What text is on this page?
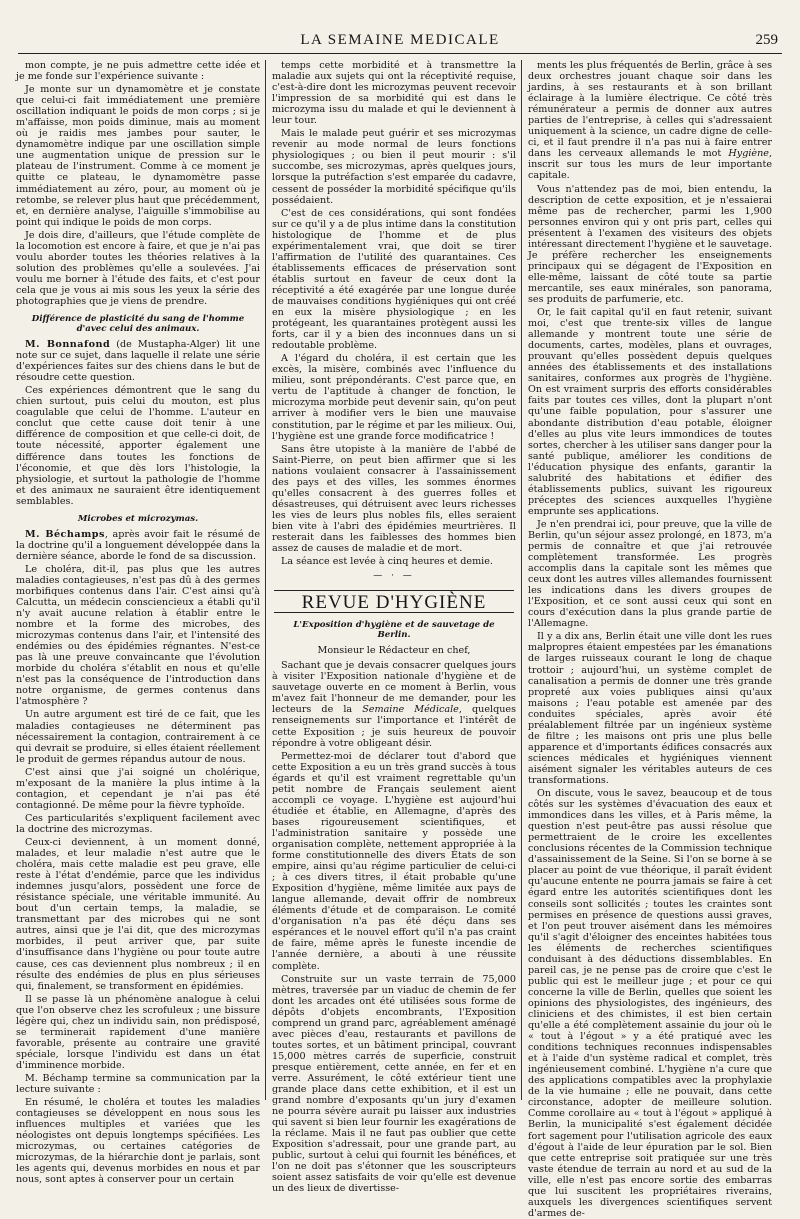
LA SEMAINE MEDICALE	259

mon compte, je ne puis admettre cette idée et je me fonde sur l'expérience suivante :

Je monte sur un dynamomètre et je constate que celui-ci fait immédiatement une première oscillation indiquant le poids de mon corps ; si je m'affaisse, mon poids diminue, mais au moment où je raidis mes jambes pour sauter, le dynamomètre indique par une oscillation simple une augmentation unique de pression sur le plateau de l'instrument. Comme à ce moment je quitte ce plateau, le dynamomètre passe immédiatement au zéro, pour, au moment où je retombe, se relever plus haut que précédemment, et, en dernière analyse, l'aiguille s'immobilise au point qui indique le poids de mon corps.

Je dois dire, d'ailleurs, que l'étude complète de la locomotion est encore à faire, et que je n'ai pas voulu aborder toutes les théories relatives à la solution des problèmes qu'elle a soulevées. J'ai voulu me borner à l'étude des faits, et c'est pour cela que je vous ai mis sous les yeux la série des photographies que je viens de prendre.

Différence de plasticité du sang de l'homme d'avec celui des animaux.

M. Bonnafond (de Mustapha-Alger) lit une note sur ce sujet, dans laquelle il relate une série d'expériences faites sur des chiens dans le but de résoudre cette question.

Ces expériences démontrent que le sang du chien surtout, puis celui du mouton, est plus coagulable que celui de l'homme. L'auteur en conclut que cette cause doit tenir à une différence de composition et que celle-ci doit, de toute nécessité, apporter également une différence dans toutes les fonctions de l'économie, et que dès lors l'histologie, la physiologie, et surtout la pathologie de l'homme et des animaux ne sauraient être identiquement semblables.

Microbes et microzymas.

M. Béchamps, après avoir fait le résumé de la doctrine qu'il a longuement développée dans la dernière séance, aborde le fond de sa discussion.

Le choléra, dit-il, pas plus que les autres maladies contagieuses, n'est pas dû à des germes morbifiques contenus dans l'air. C'est ainsi qu'à Calcutta, un médecin consciencieux a établi qu'il n'y avait aucune relation à établir entre le nombre et la forme des microbes, des microzymas contenus dans l'air, et l'intensité des endémies ou des épidémies régnantes. N'est-ce pas là une preuve convaincante que l'évolution morbide du choléra s'établit en nous et qu'elle n'est pas la conséquence de l'introduction dans notre organisme, de germes contenus dans l'atmosphère ?

Un autre argument est tiré de ce fait, que les maladies contagieuses ne déterminent pas nécessairement la contagion, contrairement à ce qui devrait se produire, si elles étaient réellement le produit de germes répandus autour de nous.

C'est ainsi que j'ai soigné un cholérique, m'exposant de la manière la plus intime à la contagion, et cependant je n'ai pas été contagionné. De même pour la fièvre typhoïde.

Ces particularités s'expliquent facilement avec la doctrine des microzymas.

Ceux-ci deviennent, à un moment donné, malades, et leur maladie n'est autre que le choléra, mais cette maladie est peu grave, elle reste à l'état d'endémie, parce que les individus indemnes jusqu'alors, possèdent une force de résistance spéciale, une véritable immunité. Au bout d'un certain temps, la maladie, se transmettant par des microbes qui ne sont autres, ainsi que je l'ai dit, que des microzymas morbides, il peut arriver que, par suite d'insuffisance dans l'hygiène ou pour toute autre cause, ces cas deviennent plus nombreux ; il en résulte des endémies de plus en plus sérieuses qui, finalement, se transforment en épidémies.

Il se passe là un phénomène analogue à celui que l'on observe chez les scrofuleux ; une bissure légère qui, chez un individu sain, non prédisposé, se terminerait rapidement d'une manière favorable, présente au contraire une gravité spéciale, lorsque l'individu est dans un état d'imminence morbide.

M. Béchamp termine sa communication par la lecture suivante :

En résumé, le choléra et toutes les maladies contagieuses se développent en nous sous les influences multiples et variées que les néologistes ont depuis longtemps spécifiées. Les microzymas, ou certaines catégories de microzymas, de la hiérarchie dont je parlais, sont les agents qui, devenus morbides en nous et par nous, sont aptes à conserver pour un certain

temps cette morbidité et à transmettre la maladie aux sujets qui ont la réceptivité requise, c'est-à-dire dont les microzymas peuvent recevoir l'impression de sa morbidité qui est dans le microzyma issu du malade et qui le deviennent à leur tour.

Mais le malade peut guérir et ses microzymas revenir au mode normal de leurs fonctions physiologiques ; ou bien il peut mourir : s'il succombe, ses microzymas, après quelques jours, lorsque la putréfaction s'est emparée du cadavre, cessent de posséder la morbidité spécifique qu'ils possédaient.

C'est de ces considérations, qui sont fondées sur ce qu'il y a de plus intime dans la constitution histologique de l'homme et de plus expérimentalement vrai, que doit se tirer l'affirmation de l'utilité des quarantaines. Ces établissements efficaces de préservation sont établis surtout en faveur de ceux dont la réceptivité a été exagérée par une longue durée de mauvaises conditions hygiéniques qui ont créé en eux la misère physiologique ; en les protégeant, les quarantaines protègent aussi les forts, car il y a bien des inconnues dans un si redoutable problème.

A l'égard du choléra, il est certain que les excès, la misère, combinés avec l'influence du milieu, sont prépondérants. C'est parce que, en vertu de l'aptitude à changer de fonction, le microzyma morbide peut devenir sain, qu'on peut arriver à modifier vers le bien une mauvaise constitution, par le régime et par les milieux. Oui, l'hygiène est une grande force modificatrice !

Sans être utopiste à la manière de l'abbé de Saint-Pierre, on peut bien affirmer que si les nations voulaient consacrer à l'assainissement des pays et des villes, les sommes énormes qu'elles consacrent à des guerres folles et désastreuses, qui détruisent avec leurs richesses les vies de leurs plus nobles fils, elles seraient bien vite à l'abri des épidémies meurtrières. Il resterait dans les faiblesses des hommes bien assez de causes de maladie et de mort.

La séance est levée à cinq heures et demie.

— · —
REVUE D'HYGIÈNE
L'Exposition d'hygiène et de sauvetage de Berlin.

Monsieur le Rédacteur en chef,

Sachant que je devais consacrer quelques jours à visiter l'Exposition nationale d'hygiène et de sauvetage ouverte en ce moment à Berlin, vous m'avez fait l'honneur de me demander, pour les lecteurs de la Semaine Médicale, quelques renseignements sur l'importance et l'intérêt de cette Exposition ; je suis heureux de pouvoir répondre à votre obligeant désir.

Permettez-moi de déclarer tout d'abord que cette Exposition a eu un très grand succès à tous égards et qu'il est vraiment regrettable qu'un petit nombre de Français seulement aient accompli ce voyage. L'hygiène est aujourd'hui étudiée et établie, en Allemagne, d'après des bases rigoureusement scientifiques, et l'administration sanitaire y possède une organisation complète, nettement appropriée à la forme constitutionnelle des divers États de son empire, ainsi qu'au régime particulier de celui-ci ; à ces divers titres, il était probable qu'une Exposition d'hygiène, même limitée aux pays de langue allemande, devait offrir de nombreux éléments d'étude et de comparaison. Le comité d'organisation n'a pas été déçu dans ses espérances et le nouvel effort qu'il n'a pas craint de faire, même après le funeste incendie de l'année dernière, a abouti à une réussite complète.

Construite sur un vaste terrain de 75,000 mètres, traversée par un viaduc de chemin de fer dont les arcades ont été utilisées sous forme de dépôts d'objets encombrants, l'Exposition comprend un grand parc, agréablement aménagé avec pièces d'eau, restaurants et pavillons de toutes sortes, et un bâtiment principal, couvrant 15,000 mètres carrés de superficie, construit presque entièrement, cette année, en fer et en verre. Assurément, le côté extérieur tient une grande place dans cette exhibition, et il est un grand nombre d'exposants qu'un jury d'examen ne pourra sévère aurait pu laisser aux industries qui savent si bien leur fournir les exagérations de la réclame. Mais il ne faut pas oublier que cette Exposition s'adressait, pour une grande part, au public, surtout à celui qui fournit les bénéfices, et l'on ne doit pas s'étonner que les souscripteurs soient assez satisfaits de voir qu'elle est devenue un des lieux de divertisse-

ments les plus fréquentés de Berlin, grâce à ses deux orchestres jouant chaque soir dans les jardins, à ses restaurants et à son brillant éclairage à la lumière électrique. Ce côté très rémunérateur a permis de donner aux autres parties de l'entreprise, à celles qui s'adressaient uniquement à la science, un cadre digne de celle-ci, et il faut prendre il n'a pas nui à faire entrer dans les cerveaux allemands le mot Hygiène, inscrit sur tous les murs de leur importante capitale.

Vous n'attendez pas de moi, bien entendu, la description de cette exposition, et je n'essaierai même pas de rechercher, parmi les 1,900 personnes environ qui y ont pris part, celles qui présentent à l'examen des visiteurs des objets intéressant directement l'hygiène et le sauvetage. Je préfère rechercher les enseignements principaux qui se dégagent de l'Exposition en elle-même, laissant de côté toute sa partie mercantile, ses eaux minérales, son panorama, ses produits de parfumerie, etc.

Or, le fait capital qu'il en faut retenir, suivant moi, c'est que trente-six villes de langue allemande y montrent toute une série de documents, cartes, modèles, plans et ouvrages, prouvant qu'elles possèdent depuis quelques années des établissements et des installations sanitaires, conformes aux progrès de l'hygiène. On est vraiment surpris des efforts considérables faits par toutes ces villes, dont la plupart n'ont qu'une faible population, pour s'assurer une abondante distribution d'eau potable, éloigner d'elles au plus vite leurs immondices de toutes sortes, chercher à les utiliser sans danger pour la santé publique, améliorer les conditions de l'éducation physique des enfants, garantir la salubrité des habitations et édifier des établissements publics, suivant les rigoureux préceptes des sciences auxquelles l'hygiène emprunte ses applications.

Je n'en prendrai ici, pour preuve, que la ville de Berlin, qu'un séjour assez prolongé, en 1873, m'a permis de connaître et que j'ai retrouvée complètement transformée. Les progrès accomplis dans la capitale sont les mêmes que ceux dont les autres villes allemandes fournissent les indications dans les divers groupes de l'Exposition, et ce sont aussi ceux qui sont en cours d'exécution dans la plus grande partie de l'Allemagne.

Il y a dix ans, Berlin était une ville dont les rues malpropres étaient empestées par les émanations de larges ruisseaux courant le long de chaque trottoir ; aujourd'hui, un système complet de canalisation a permis de donner une très grande propreté aux voies publiques ainsi qu'aux maisons ; l'eau potable est amenée par des conduites spéciales, après avoir été préalablement filtrée par un ingénieux système de filtre ; les maisons ont pris une plus belle apparence et d'importants édifices consacrés aux sciences médicales et hygiéniques viennent aisément signaler les véritables auteurs de ces transformations.

On discute, vous le savez, beaucoup et de tous côtés sur les systèmes d'évacuation des eaux et immondices dans les villes, et à Paris même, la question n'est peut-être pas aussi résolue que permettraient de le croire les excellentes conclusions récentes de la Commission technique d'assainissement de la Seine. Si l'on se borne à se placer au point de vue théorique, il paraît évident qu'aucune entente ne pourra jamais se faire à cet égard entre les autorités scientifiques dont les conseils sont sollicités ; toutes les craintes sont permises en présence de questions aussi graves, et l'on peut trouver aisément dans les mémoires qu'il s'agit d'éloigner des enceintes habitées tous les éléments de recherches scientifiques conduisant à des déductions dissemblables. En pareil cas, je ne pense pas de croire que c'est le public qui est le meilleur juge ; et pour ce qui concerne la ville de Berlin, quelles que soient les opinions des physiologistes, des ingénieurs, des cliniciens et des chimistes, il est bien certain qu'elle a été complètement assainie du jour où le « tout à l'égout » y a été pratiqué avec les conditions techniques reconnues indispensables et à l'aide d'un système radical et complet, très ingénieusement combiné. L'hygiène n'a cure que des applications compatibles avec la prophylaxie de la vie humaine ; elle ne pouvait, dans cette circonstance, adopter de meilleure solution. Comme corollaire au « tout à l'égout » appliqué à Berlin, la municipalité s'est également décidée fort sagement pour l'utilisation agricole des eaux d'égout à l'aide de leur épuration par le sol. Bien que cette entreprise soit pratiquée sur une très vaste étendue de terrain au nord et au sud de la ville, elle n'est pas encore sortie des embarras que lui suscitent les propriétaires riverains, auxquels les divergences scientifiques servent d'armes de-
